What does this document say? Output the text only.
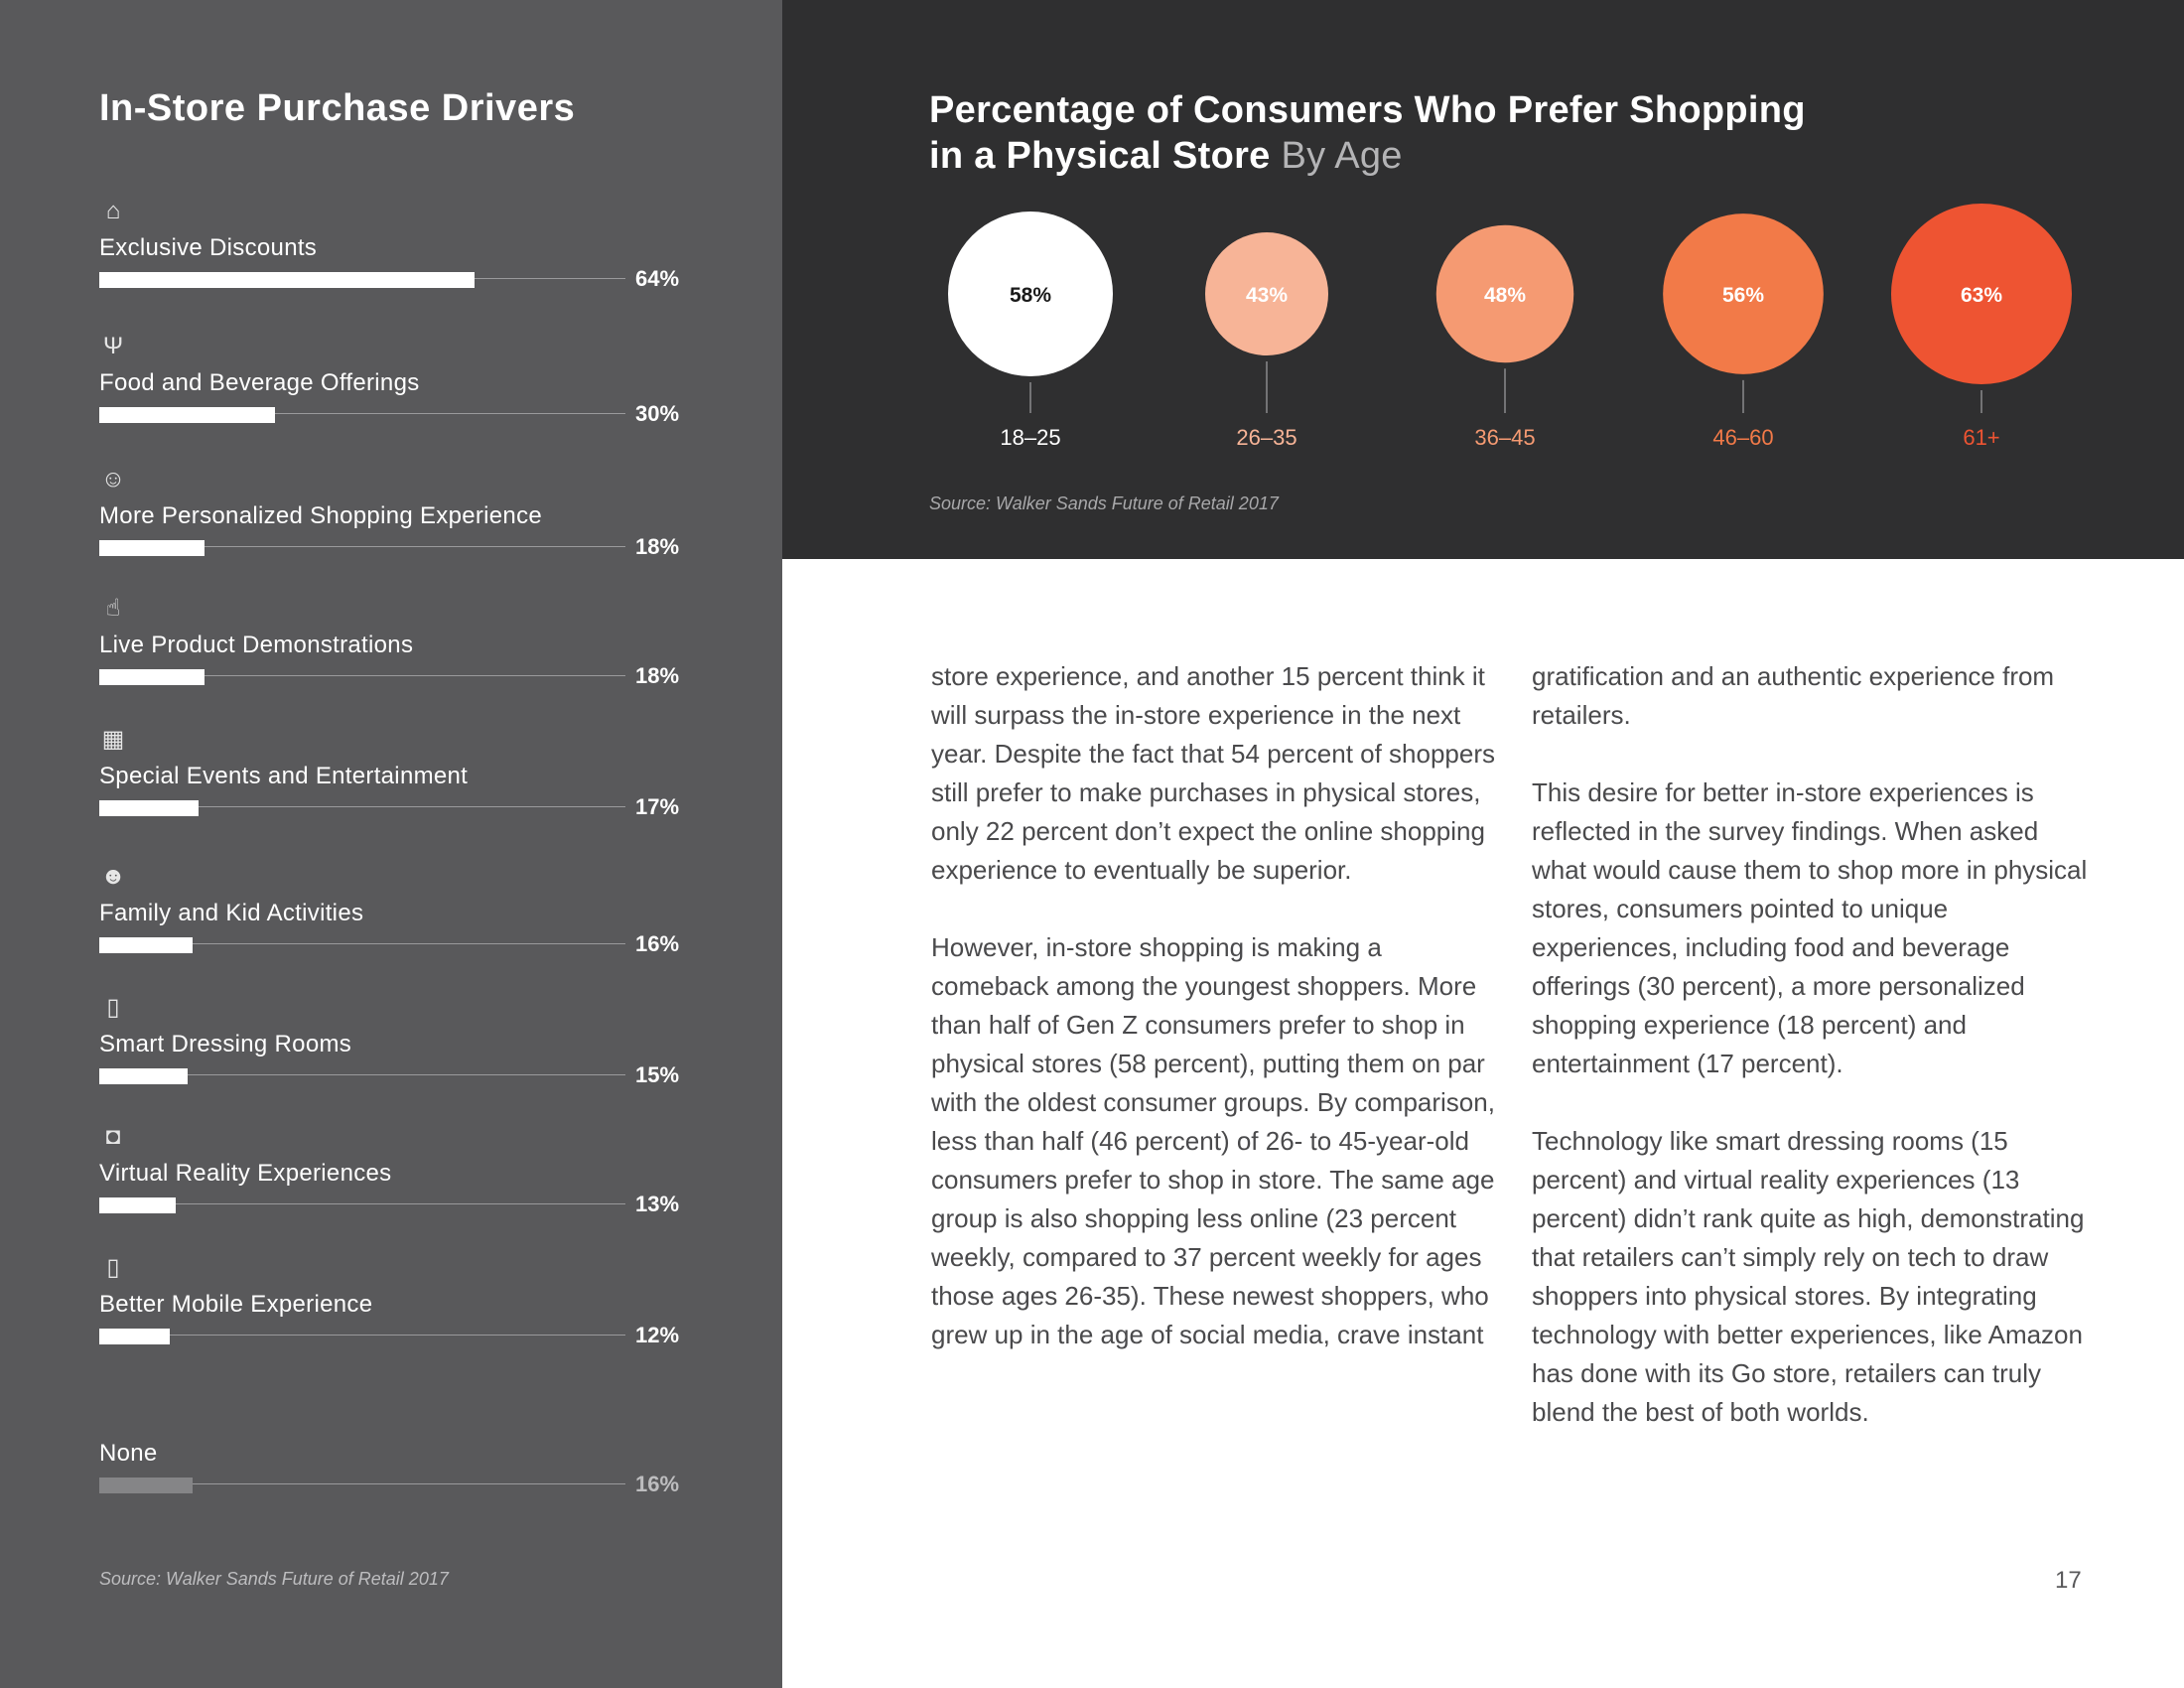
In-Store Purchase Drivers
⌂
Exclusive Discounts
64%
Ψ
Food and Beverage Offerings
30%
☺
More Personalized Shopping Experience
18%
☝
Live Product Demonstrations
18%
▦
Special Events and Entertainment
17%
☻
Family and Kid Activities
16%
▯
Smart Dressing Rooms
15%
◘
Virtual Reality Experiences
13%
▯
Better Mobile Experience
12%
None
16%
Source: Walker Sands Future of Retail 2017
Percentage of Consumers Who Prefer Shopping
in a Physical Store By Age
58%
18–25
43%
26–35
48%
36–45
56%
46–60
63%
61+
Source: Walker Sands Future of Retail 2017

store experience, and another 15 percent think it will surpass the in-store experience in the next year. Despite the fact that 54 percent of shoppers still prefer to make purchases in physical stores, only 22 percent don’t expect the online shopping experience to eventually be superior.

However, in-store shopping is making a comeback among the youngest shoppers. More than half of Gen Z consumers prefer to shop in physical stores (58 percent), putting them on par with the oldest consumer groups. By comparison, less than half (46 percent) of 26- to 45-year-old consumers prefer to shop in store. The same age group is also shopping less online (23 percent weekly, compared to 37 percent weekly for ages those ages 26-35). These newest shoppers, who grew up in the age of social media, crave instant

gratification and an authentic experience from retailers.

This desire for better in-store experiences is reflected in the survey findings. When asked what would cause them to shop more in physical stores, consumers pointed to unique experiences, including food and beverage offerings (30 percent), a more personalized shopping experience (18 percent) and entertainment (17 percent).

Technology like smart dressing rooms (15 percent) and virtual reality experiences (13 percent) didn’t rank quite as high, demonstrating that retailers can’t simply rely on tech to draw shoppers into physical stores. By integrating technology with better experiences, like Amazon has done with its Go store, retailers can truly blend the best of both worlds.

17
